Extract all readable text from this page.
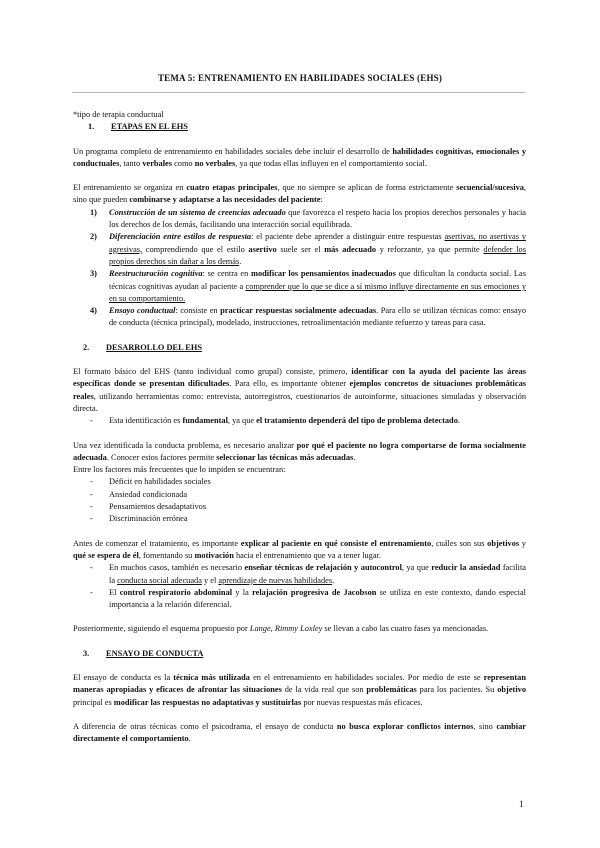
TEMA 5: ENTRENAMIENTO EN HABILIDADES SOCIALES (EHS)

*tipo de terapia conductual

1. ETAPAS EN EL EHS

Un programa completo de entrenamiento en habilidades sociales debe incluir el desarrollo de habilidades cognitivas, emocionales y conductuales, tanto verbales como no verbales, ya que todas ellas influyen en el comportamiento social.

El entrenamiento se organiza en cuatro etapas principales, que no siempre se aplican de forma estrictamente secuencial/sucesiva, sino que pueden combinarse y adaptarse a las necesidades del paciente:

1) Construcción de un sistema de creencias adecuado que favorezca el respeto hacia los propios derechos personales y hacia los derechos de los demás, facilitando una interacción social equilibrada.
2) Diferenciación entre estilos de respuesta: el paciente debe aprender a distinguir entre respuestas asertivas, no asertivas y agresivas, comprendiendo que el estilo asertivo suele ser el más adecuado y reforzante, ya que permite defender los propios derechos sin dañar a los demás.
3) Reestructuración cognitiva: se centra en modificar los pensamientos inadecuados que dificultan la conducta social. Las técnicas cognitivas ayudan al paciente a comprender que lo que se dice a sí mismo influye directamente en sus emociones y en su comportamiento.
4) Ensayo conductual: consiste en practicar respuestas socialmente adecuadas. Para ello se utilizan técnicas como: ensayo de conducta (técnica principal), modelado, instrucciones, retroalimentación mediante refuerzo y tareas para casa.

2. DESARROLLO DEL EHS

El formato básico del EHS (tanto individual como grupal) consiste, primero, identificar con la ayuda del paciente las áreas específicas donde se presentan dificultades. Para ello, es importante obtener ejemplos concretos de situaciones problemáticas reales, utilizando herramientas como: entrevista, autorregistros, cuestionarios de autoinforme, situaciones simuladas y observación directa.

- Esta identificación es fundamental, ya que el tratamiento dependerá del tipo de problema detectado.

Una vez identificada la conducta problema, es necesario analizar por qué el paciente no logra comportarse de forma socialmente adecuada. Conocer estos factores permite seleccionar las técnicas más adecuadas.

Entre los factores más frecuentes que lo impiden se encuentran:

- Déficit en habilidades sociales
- Ansiedad condicionada
- Pensamientos desadaptativos
- Discriminación errónea

Antes de comenzar el tratamiento, es importante explicar al paciente en qué consiste el entrenamiento, cuáles son sus objetivos y qué se espera de él, fomentando su motivación hacia el entrenamiento que va a tener lugar.

- En muchos casos, también es necesario enseñar técnicas de relajación y autocontrol, ya que reducir la ansiedad facilita la conducta social adecuada y el aprendizaje de nuevas habilidades.
- El control respiratorio abdominal y la relajación progresiva de Jacobson se utiliza en este contexto, dando especial importancia a la relación diferencial.

Posteriormente, siguiendo el esquema propuesto por Lange, Rimmy Loxley se llevan a cabo las cuatro fases ya mencionadas.

3. ENSAYO DE CONDUCTA

El ensayo de conducta es la técnica más utilizada en el entrenamiento en habilidades sociales. Por medio de este se representan maneras apropiadas y eficaces de afrontar las situaciones de la vida real que son problemáticas para los pacientes. Su objetivo principal es modificar las respuestas no adaptativas y sustituirlas por nuevas respuestas más eficaces.

A diferencia de otras técnicas como el psicodrama, el ensayo de conducta no busca explorar conflictos internos, sino cambiar directamente el comportamiento.

1
